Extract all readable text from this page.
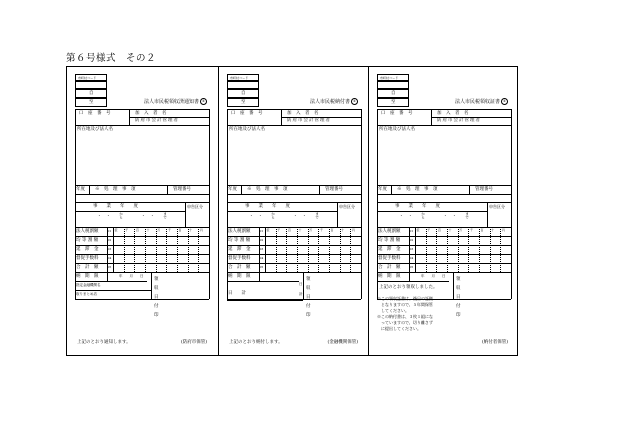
第６号様式　その２
市町村コード
自
至	法人市民税領収済通知書 ②
口　座　番　号	加　入　者　名
防府市会計管理者
所在地及び法人名
年度 ※　処　理　事　項	管理番号
事　　業　　年　　度	申告区分
・　・	から	・　・	まで
法人税割額	01
均 等 割 額	02
延　滞　金	03
督促手数料	04
合　計　額	05
億	千	百	十	万	千	百	十	円
納　期　限	年　　月　　日
領
収
日
付
印
指定金融機関名
取りまとめ店
上記のとおり通知します。	(防府市保管)
市町村コード
自
至	法人市民税納付書 ②
口　座　番　号	加　入　者　名
防府市会計管理者
所在地及び法人名
年度 ※　処　理　事　項	管理番号
事　　業　　年　　度	申告区分
・　・	から	・　・	まで
法人税割額	01
均 等 割 額	02
延　滞　金	03
督促手数料	04
合　計　額	05
億	千	百	十	万	千	百	十	円
納　期　限
領
収
日
付
印
日
日　　計	計
上記のとおり納付します。	(金融機関保管)
市町村コード
自
至	法人市民税領収証書 ②
口　座　番　号	加　入　者　名
防府市会計管理者
所在地及び法人名
年度 ※　処　理　事　項	管理番号
事　　業　　年　　度	申告区分
・　・	から	・　・	まで
法人税割額	01
均 等 割 額	02
延　滞　金	03
督促手数料	04
合　計　額	05
億	千	百	十	万	千	百	十	円
納　期　限	年　　月　　日
領
収
日
付
印
上記のとおり領収しました。
※この領収証書は、後日の証拠
　となりますので、５年間保管
　してください。
※この納付書は、３枚１組にな
　っていますので、切り離さず
　に提出してください。
(納付者保管)
